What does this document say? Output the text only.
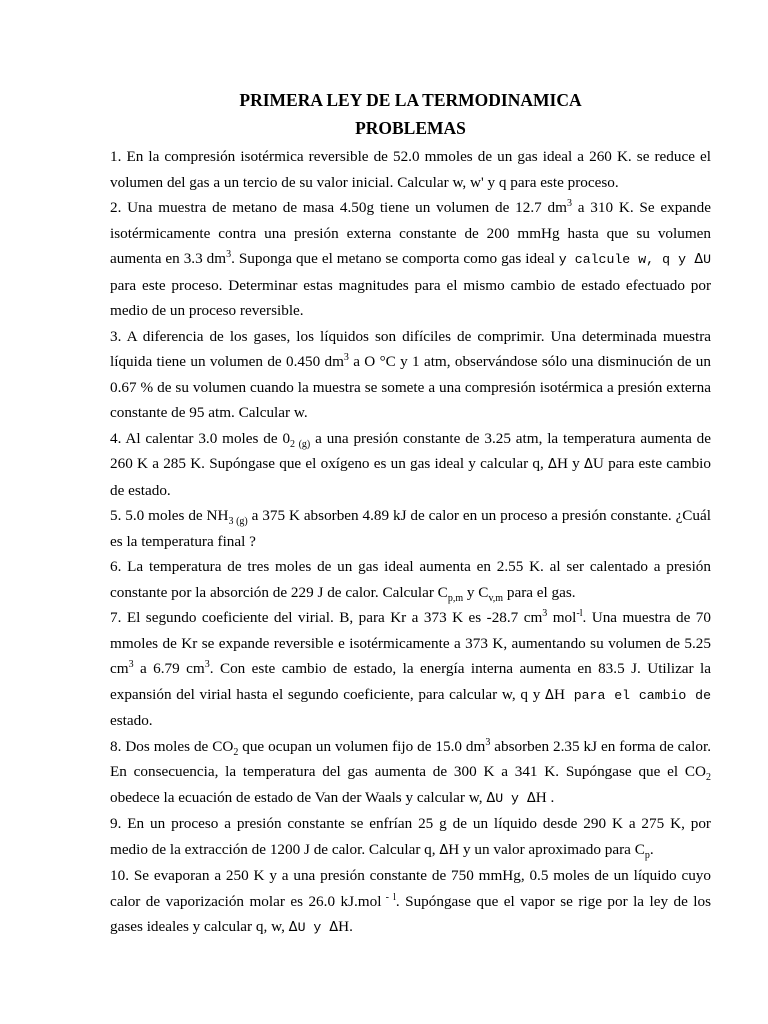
PRIMERA LEY DE LA TERMODINAMICA
PROBLEMAS

1. En la compresión isotérmica reversible de 52.0 mmoles de un gas ideal a 260 K. se reduce el volumen del gas a un tercio de su valor inicial. Calcular w, w' y q para este proceso.

2. Una muestra de metano de masa 4.50g tiene un volumen de 12.7 $dm^3$ a 310 K. Se expande isotérmicamente contra una presión externa constante de 200 mmHg hasta que su volumen aumenta en 3.3 $dm^3$. Suponga que el metano se comporta como gas ideal y calcule w, q y ΔU para este proceso. Determinar estas magnitudes para el mismo cambio de estado efectuado por medio de un proceso reversible.

3. A diferencia de los gases, los líquidos son difíciles de comprimir. Una determinada muestra líquida tiene un volumen de 0.450 $dm^3$ a O °C y 1 atm, observándose sólo una disminución de un 0.67 % de su volumen cuando la muestra se somete a una compresión isotérmica a presión externa constante de 95 atm. Calcular w.

4. Al calentar 3.0 moles de $0_{2 (g)}$ a una presión constante de 3.25 atm, la temperatura aumenta de 260 K a 285 K. Supóngase que el oxígeno es un gas ideal y calcular q, ΔH y ΔU para este cambio de estado.

5. 5.0 moles de $NH_{3 (g)}$ a 375 K absorben 4.89 kJ de calor en un proceso a presión constante. ¿Cuál es la temperatura final ?

6. La temperatura de tres moles de un gas ideal aumenta en 2.55 K. al ser calentado a presión constante por la absorción de 229 J de calor. Calcular $C_{p,m}$ y $C_{v,m}$ para el gas.

7. El segundo coeficiente del virial. B, para Kr a 373 K es -28.7 $cm^3$ mol$^{-l}$. Una muestra de 70 mmoles de Kr se expande reversible e isotérmicamente a 373 K, aumentando su volumen de 5.25 $cm^3$ a 6.79 $cm^3$. Con este cambio de estado, la energía interna aumenta en 83.5 J. Utilizar la expansión del virial hasta el segundo coeficiente, para calcular w, q y ΔH para el cambio de estado.

8. Dos moles de $CO_2$ que ocupan un volumen fijo de 15.0 $dm^3$ absorben 2.35 kJ en forma de calor. En consecuencia, la temperatura del gas aumenta de 300 K a 341 K. Supóngase que el $CO_2$ obedece la ecuación de estado de Van der Waals y calcular w, ΔU y ΔH .

9. En un proceso a presión constante se enfrían 25 g de un líquido desde 290 K a 275 K, por medio de la extracción de 1200 J de calor. Calcular q, ΔH y un valor aproximado para $C_p$.

10. Se evaporan a 250 K y a una presión constante de 750 mmHg, 0.5 moles de un líquido cuyo calor de vaporización molar es 26.0 kJ.mol $^{- l}$. Supóngase que el vapor se rige por la ley de los gases ideales y calcular q, w, ΔU y ΔH.
